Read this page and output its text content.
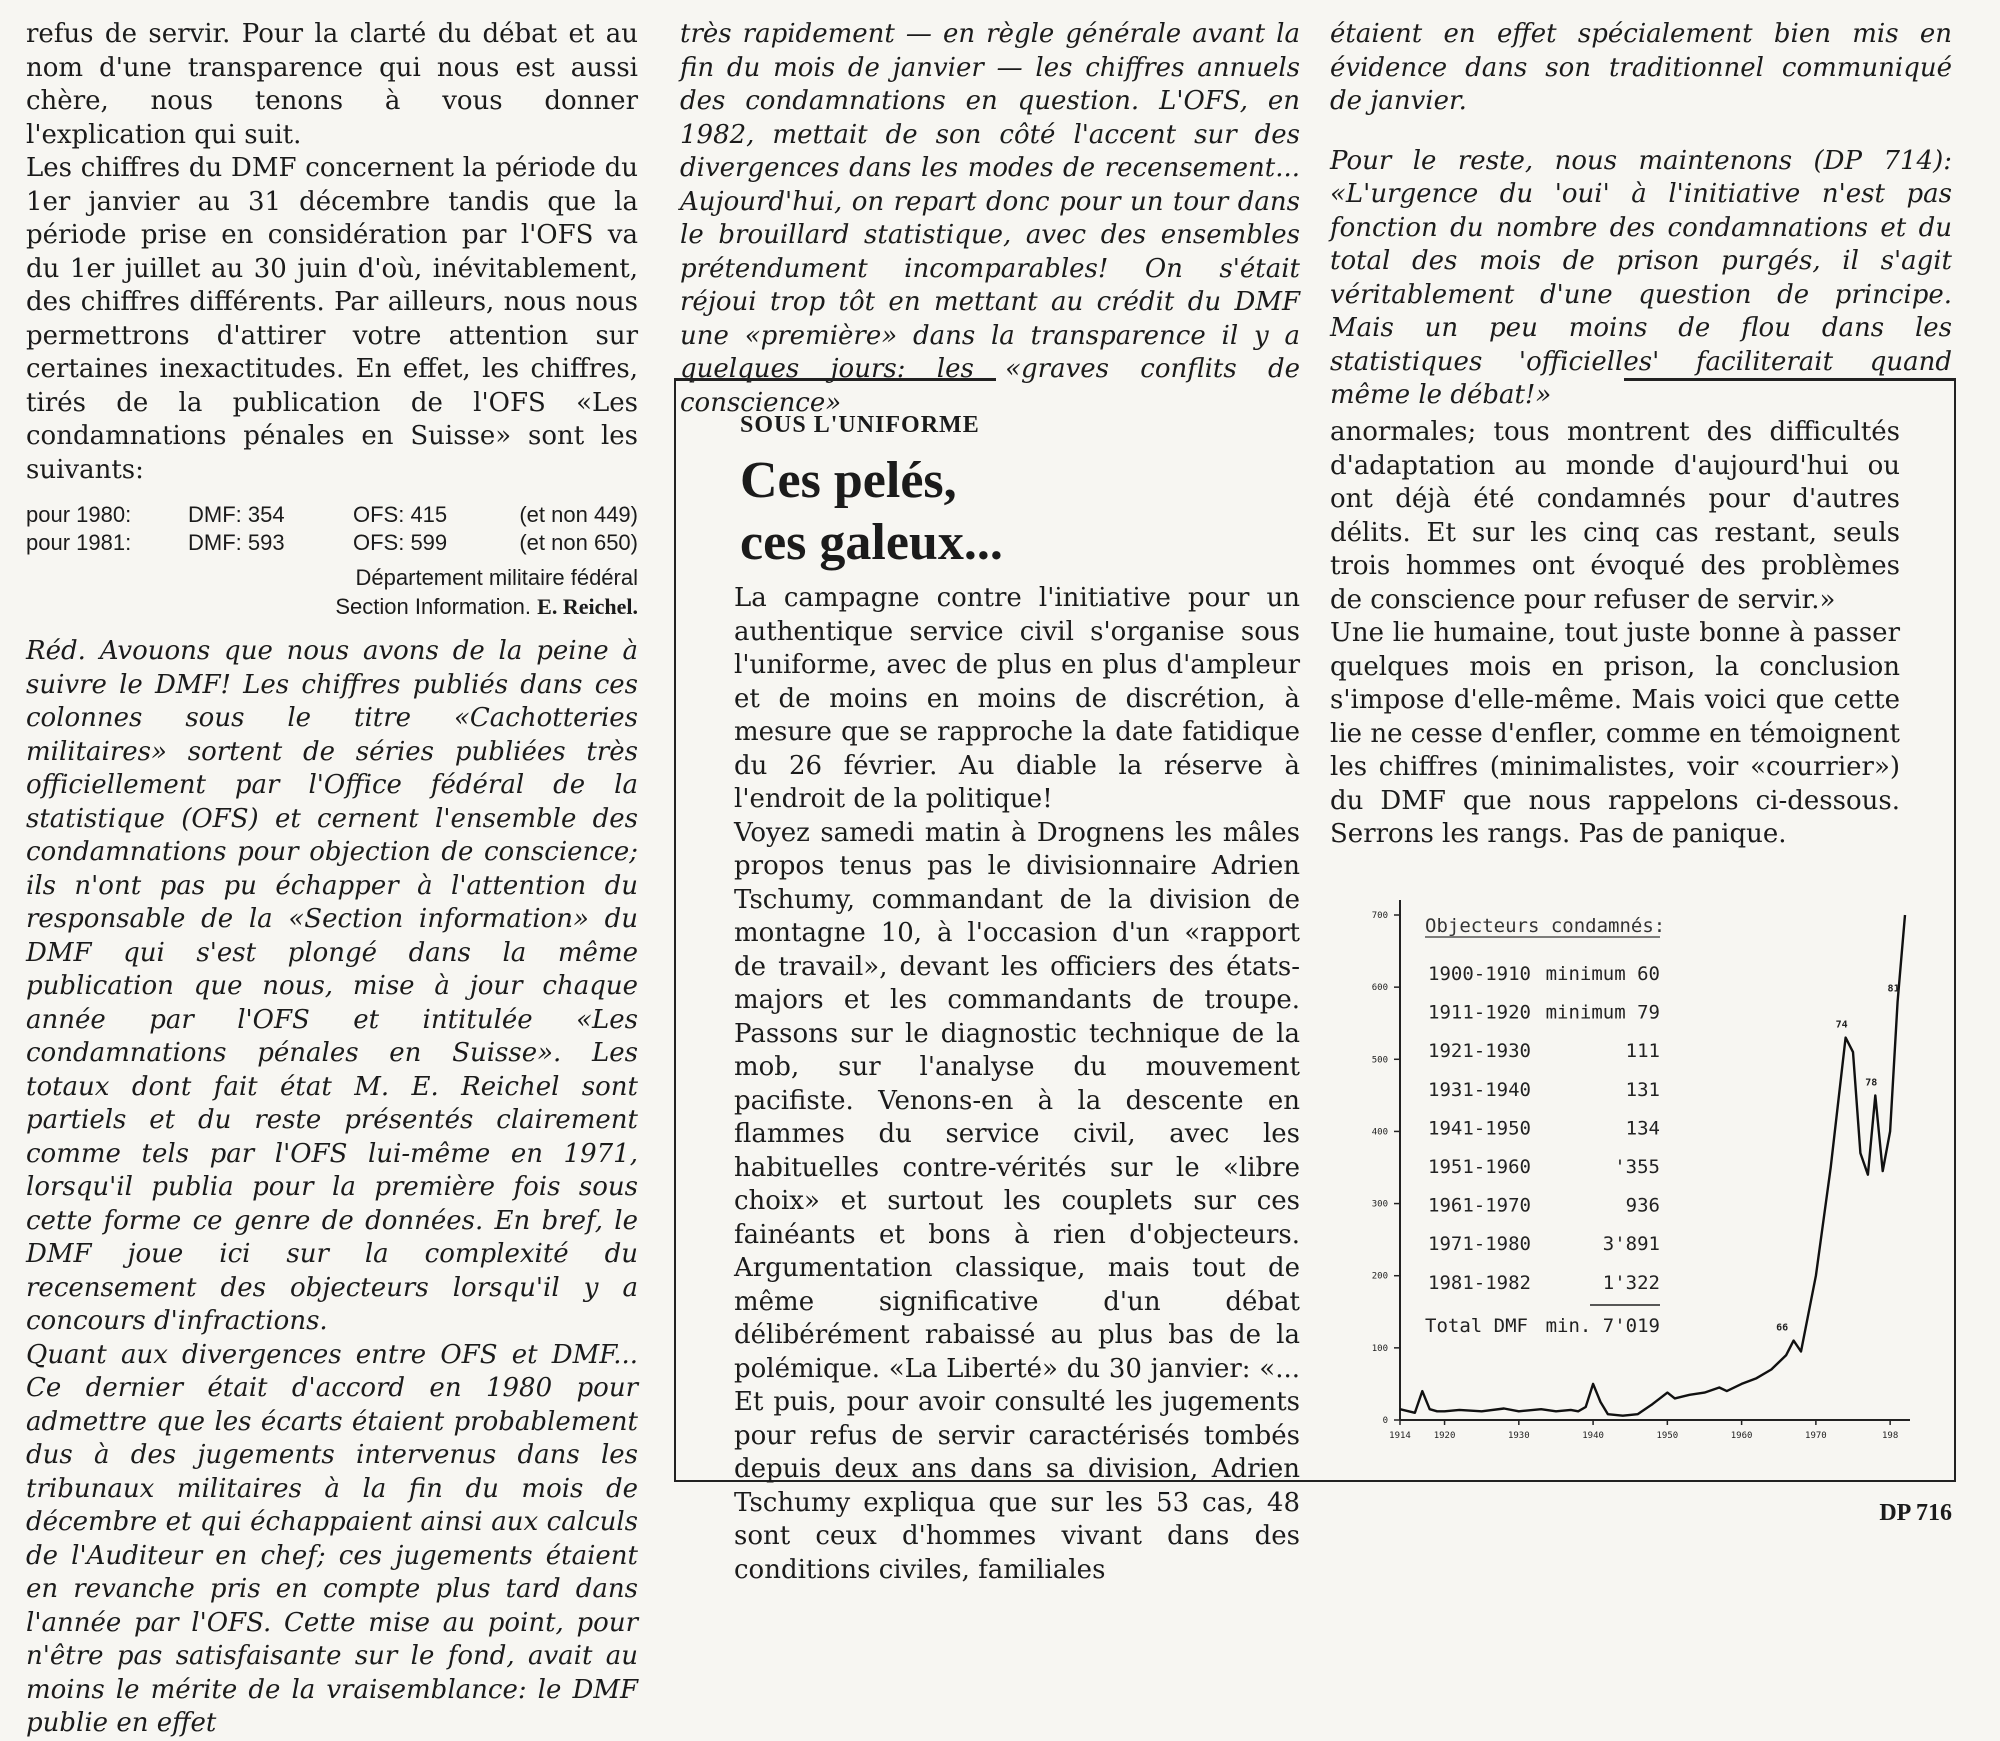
refus de servir. Pour la clarté du débat et au nom d'une transparence qui nous est aussi chère, nous tenons à vous donner l'explication qui suit.

Les chiffres du DMF concernent la période du 1er janvier au 31 décembre tandis que la période prise en considération par l'OFS va du 1er juillet au 30 juin d'où, inévitablement, des chiffres différents. Par ailleurs, nous nous permettrons d'attirer votre attention sur certaines inexactitudes. En effet, les chiffres, tirés de la publication de l'OFS «Les condamnations pénales en Suisse» sont les suivants:

pour 1980:	DMF: 354	OFS: 415	(et non 449)
pour 1981:	DMF: 593	OFS: 599	(et non 650)
Département militaire fédéral
Section Information. E. Reichel.

Réd. Avouons que nous avons de la peine à suivre le DMF! Les chiffres publiés dans ces colonnes sous le titre «Cachotteries militaires» sortent de séries publiées très officiellement par l'Office fédéral de la statistique (OFS) et cernent l'ensemble des condamnations pour objection de conscience; ils n'ont pas pu échapper à l'attention du responsable de la «Section information» du DMF qui s'est plongé dans la même publication que nous, mise à jour chaque année par l'OFS et intitulée «Les condamnations pénales en Suisse». Les totaux dont fait état M. E. Reichel sont partiels et du reste présentés clairement comme tels par l'OFS lui-même en 1971, lorsqu'il publia pour la première fois sous cette forme ce genre de données. En bref, le DMF joue ici sur la complexité du recensement des objecteurs lorsqu'il y a concours d'infractions.

Quant aux divergences entre OFS et DMF... Ce dernier était d'accord en 1980 pour admettre que les écarts étaient probablement dus à des jugements intervenus dans les tribunaux militaires à la fin du mois de décembre et qui échappaient ainsi aux calculs de l'Auditeur en chef; ces jugements étaient en revanche pris en compte plus tard dans l'année par l'OFS. Cette mise au point, pour n'être pas satisfaisante sur le fond, avait au moins le mérite de la vraisemblance: le DMF publie en effet

très rapidement — en règle générale avant la fin du mois de janvier — les chiffres annuels des condamnations en question. L'OFS, en 1982, mettait de son côté l'accent sur des divergences dans les modes de recensement... Aujourd'hui, on repart donc pour un tour dans le brouillard statistique, avec des ensembles prétendument incomparables! On s'était réjoui trop tôt en mettant au crédit du DMF une «première» dans la transparence il y a quelques jours: les «graves conflits de conscience»

étaient en effet spécialement bien mis en évidence dans son traditionnel communiqué de janvier.

Pour le reste, nous maintenons (DP 714): «L'urgence du 'oui' à l'initiative n'est pas fonction du nombre des condamnations et du total des mois de prison purgés, il s'agit véritablement d'une question de principe. Mais un peu moins de flou dans les statistiques 'officielles' faciliterait quand même le débat!»

SOUS L'UNIFORME
Ces pelés,
ces galeux...

La campagne contre l'initiative pour un authentique service civil s'organise sous l'uniforme, avec de plus en plus d'ampleur et de moins en moins de discrétion, à mesure que se rapproche la date fatidique du 26 février. Au diable la réserve à l'endroit de la politique!

Voyez samedi matin à Drognens les mâles propos tenus pas le divisionnaire Adrien Tschumy, commandant de la division de montagne 10, à l'occasion d'un «rapport de travail», devant les officiers des états-majors et les commandants de troupe. Passons sur le diagnostic technique de la mob, sur l'analyse du mouvement pacifiste. Venons-en à la descente en flammes du service civil, avec les habituelles contre-vérités sur le «libre choix» et surtout les couplets sur ces fainéants et bons à rien d'objecteurs. Argumentation classique, mais tout de même significative d'un débat délibérément rabaissé au plus bas de la polémique. «La Liberté» du 30 janvier: «... Et puis, pour avoir consulté les jugements pour refus de servir caractérisés tombés depuis deux ans dans sa division, Adrien Tschumy expliqua que sur les 53 cas, 48 sont ceux d'hommes vivant dans des conditions civiles, familiales

anormales; tous montrent des difficultés d'adaptation au monde d'aujourd'hui ou ont déjà été condamnés pour d'autres délits. Et sur les cinq cas restant, seuls trois hommes ont évoqué des problèmes de conscience pour refuser de servir.»

Une lie humaine, tout juste bonne à passer quelques mois en prison, la conclusion s'impose d'elle-même. Mais voici que cette lie ne cesse d'enfler, comme en témoignent les chiffres (minimalistes, voir «courrier») du DMF que nous rappelons ci-dessous. Serrons les rangs. Pas de panique.

0
100
200
300
400
500
600
700
1914	1920	1930	1940	1950	1960	1970	198
66
74
78
81
Objecteurs condamnés:
1900-1910 minimum 60
1911-1920 minimum 79
1921-1930	111
1931-1940	131
1941-1950	134
1951-1960	'355
1961-1970	936
1971-1980	3'891
1981-1982	1'322
Total DMF min. 7'019
DP 716
